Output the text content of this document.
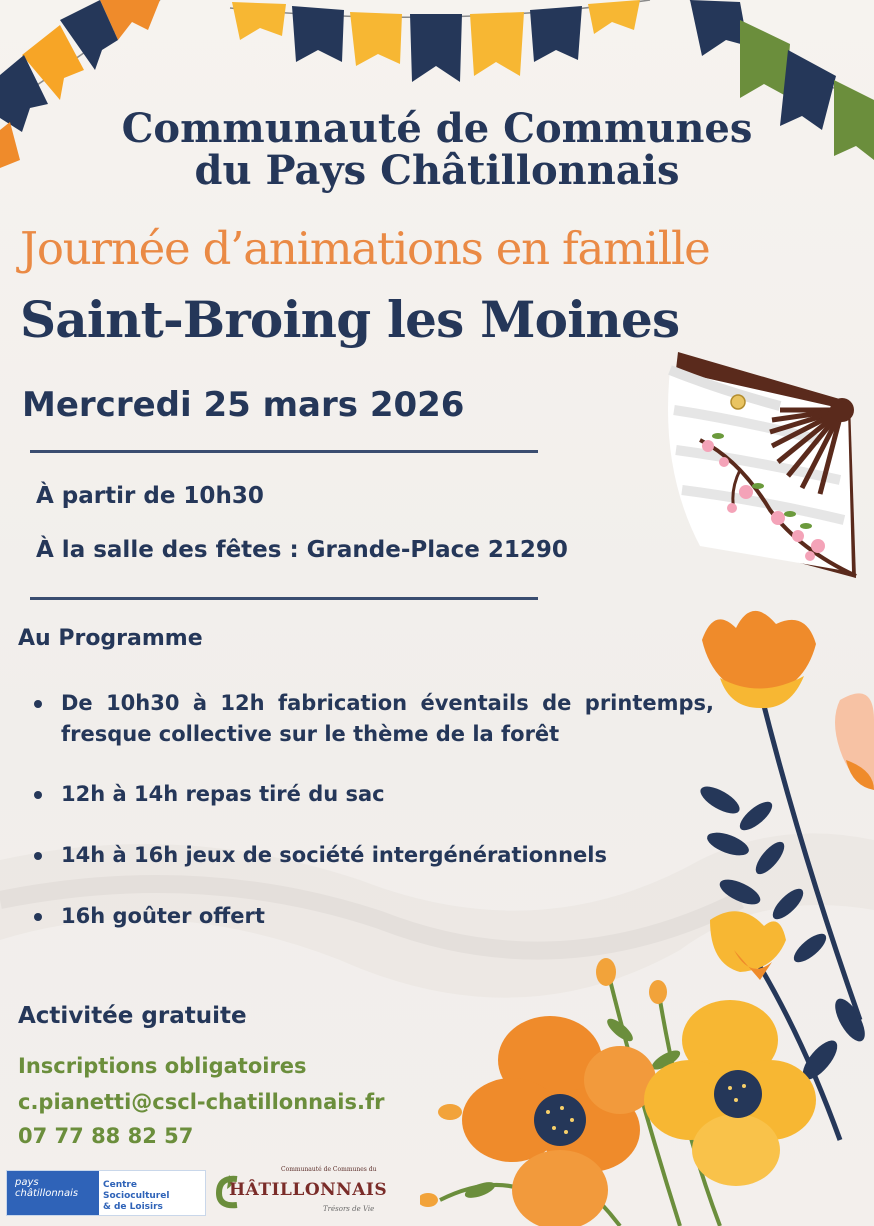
Communauté de Communes
du Pays Châtillonnais
Journée d’animations en famille
Saint-Broing les Moines
Mercredi 25 mars 2026
À partir de 10h30
À la salle des fêtes : Grande-Place 21290
Au Programme
De 10h30 à 12h fabrication éventails de printemps, fresque collective sur le thème de la forêt
12h à 14h repas tiré du sac
14h à 16h jeux de société intergénérationnels
16h goûter offert
Activitée gratuite
Inscriptions obligatoires
c.pianetti@cscl-chatillonnais.fr
07 77 88 82 57
pays
châtillonnais
Centre Socioculturel
& de Loisirs
Communauté de Communes du
HÂTILLONNAIS
Trésors de Vie
